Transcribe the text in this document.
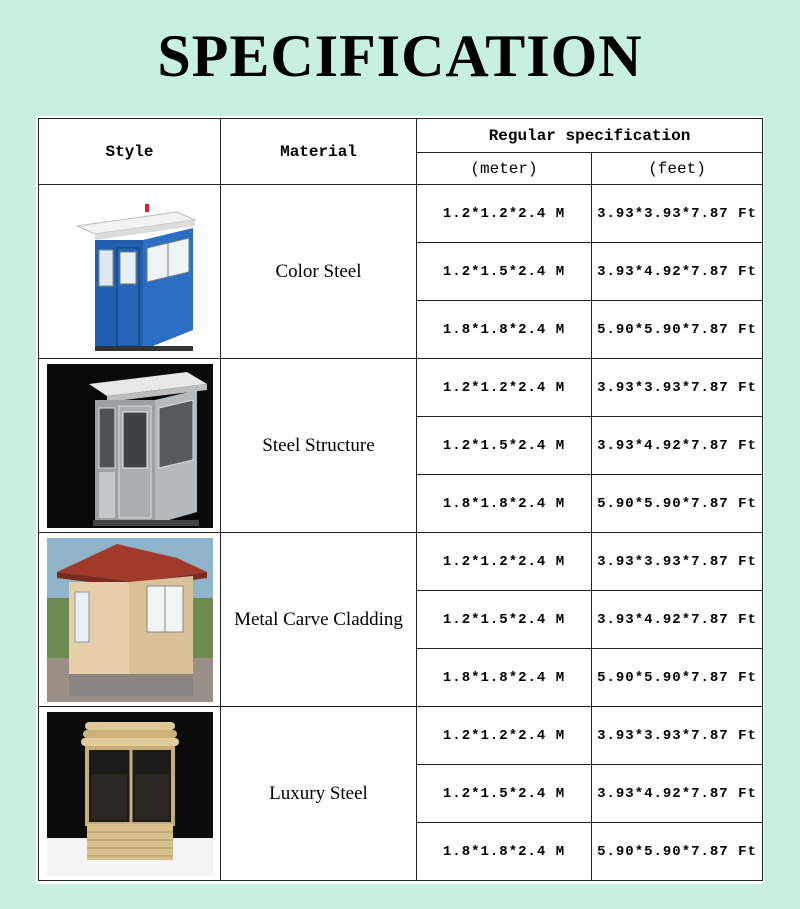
SPECIFICATION
Style	Material	Regular specification	
		(meter)	(feet)

	Color Steel	1.2*1.2*2.4 M	3.93*3.93*7.87 Ft
		1.2*1.5*2.4 M	3.93*4.92*7.87 Ft
		1.8*1.8*2.4 M	5.90*5.90*7.87 Ft

	Steel Structure	1.2*1.2*2.4 M	3.93*3.93*7.87 Ft
		1.2*1.5*2.4 M	3.93*4.92*7.87 Ft
		1.8*1.8*2.4 M	5.90*5.90*7.87 Ft

	Metal Carve Cladding	1.2*1.2*2.4 M	3.93*3.93*7.87 Ft
		1.2*1.5*2.4 M	3.93*4.92*7.87 Ft
		1.8*1.8*2.4 M	5.90*5.90*7.87 Ft

	Luxury Steel	1.2*1.2*2.4 M	3.93*3.93*7.87 Ft
		1.2*1.5*2.4 M	3.93*4.92*7.87 Ft
		1.8*1.8*2.4 M	5.90*5.90*7.87 Ft
